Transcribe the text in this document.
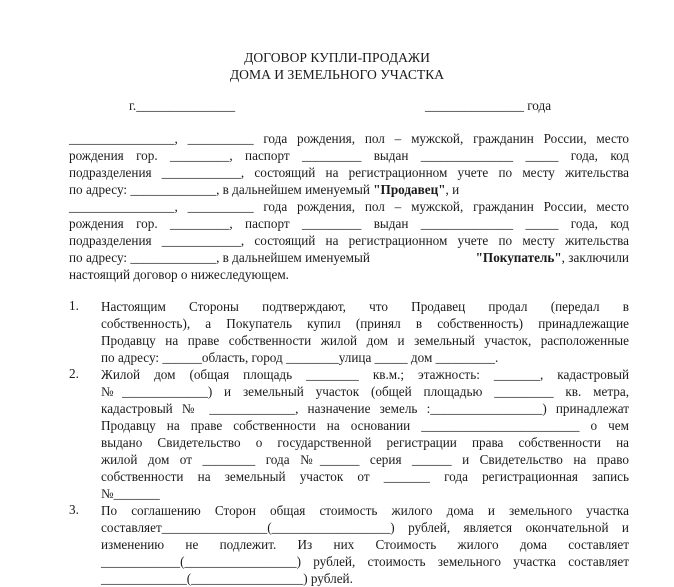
ДОГОВОР КУПЛИ-ПРОДАЖИ
ДОМА И ЗЕМЕЛЬНОГО УЧАСТКА
г._______________	_______________ года
________________, __________ года рождения, пол – мужской, гражданин России, место
рождения гор. _________, паспорт _________ выдан ______________ _____ года, код
подразделения ____________, состоящий на регистрационном учете по месту жительства
по адресу: _____________, в дальнейшем именуемый "Продавец", и
________________, __________ года рождения, пол – мужской, гражданин России, место
рождения гор. _________, паспорт _________ выдан ______________ _____ года, код
подразделения ____________, состоящий на регистрационном учете по месту жительства
по адресу: _____________, в дальнейшем именуемый	"Покупатель", заключили
настоящий договор о нижеследующем.
1. Настоящим Стороны подтверждают, что Продавец продал (передал в
собственность), а Покупатель купил (принял в собственность) принадлежащие
Продавцу на праве собственности жилой дом и земельный участок, расположенные
по адресу: ______область, город ________улица _____ дом _________.
2. Жилой дом (общая площадь ________ кв.м.; этажность: _______, кадастровый
№_____________) и земельный участок (общей площадью _________ кв. метра,
кадастровый № _____________, назначение земель :_________________) принадлежат
Продавцу на праве собственности на основании ________________________ о чем
выдано Свидетельство о государственной регистрации права собственности на
жилой дом от ________ года №______ серия ______ и Свидетельство на право
собственности на земельный участок от _______ года регистрационная запись
№_______
3. По соглашению Сторон общая стоимость жилого дома и земельного участка
составляет________________(__________________) рублей, является окончательной и
изменению не подлежит. Из них Стоимость жилого дома составляет
____________(_________________) рублей, стоимость земельного участка составляет
_____________(_________________) рублей.
